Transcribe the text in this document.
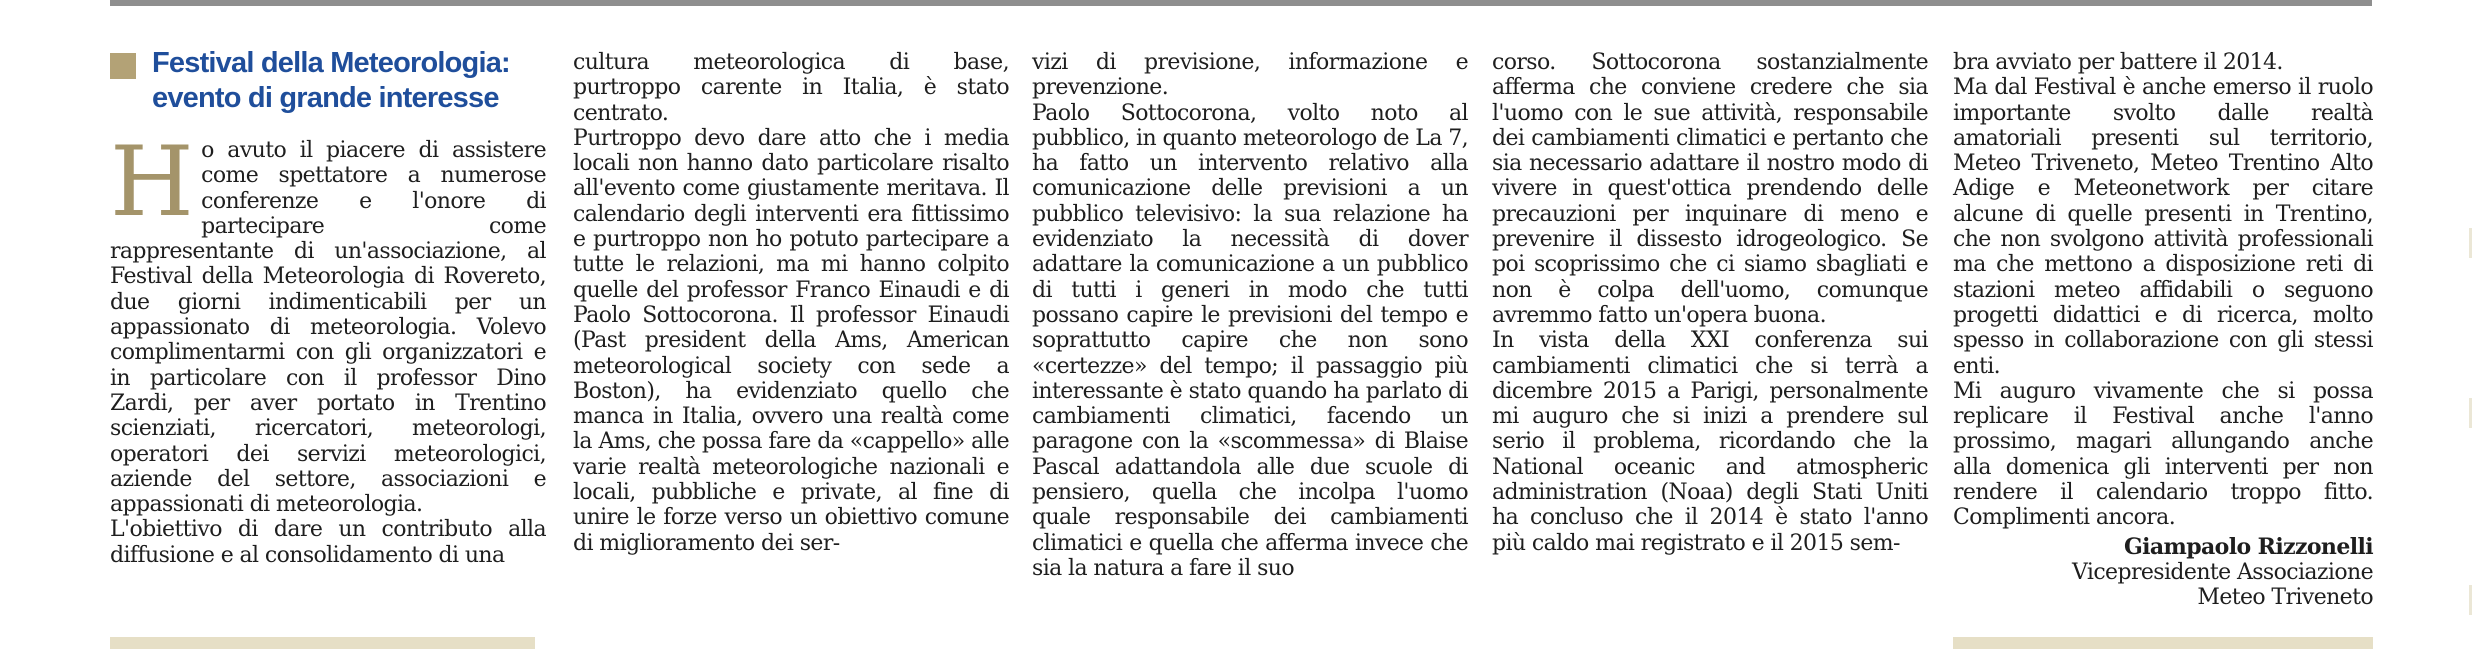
Festival della Meteorologia:
evento di grande interesse

Ho avuto il piacere di assistere come spettatore a numerose conferenze e l'onore di partecipare come rappresentante di un'associazione, al Festival della Meteorologia di Rovereto, due giorni indimenticabili per un appassionato di meteorologia. Volevo complimentarmi con gli organizzatori e in particolare con il professor Dino Zardi, per aver portato in Trentino scienziati, ricercatori, meteorologi, operatori dei servizi meteorologici, aziende del settore, associazioni e appassionati di meteorologia.

L'obiettivo di dare un contributo alla diffusione e al consolidamento di una

cultura meteorologica di base, purtroppo carente in Italia, è stato centrato.

Purtroppo devo dare atto che i media locali non hanno dato particolare risalto all'evento come giustamente meritava. Il calendario degli interventi era fittissimo e purtroppo non ho potuto partecipare a tutte le relazioni, ma mi hanno colpito quelle del professor Franco Einaudi e di Paolo Sottocorona. Il professor Einaudi (Past president della Ams, American meteorological society con sede a Boston), ha evidenziato quello che manca in Italia, ovvero una realtà come la Ams, che possa fare da «cappello» alle varie realtà meteorologiche nazionali e locali, pubbliche e private, al fine di unire le forze verso un obiettivo comune di miglioramento dei ser-

vizi di previsione, informazione e prevenzione.

Paolo Sottocorona, volto noto al pubblico, in quanto meteorologo de La 7, ha fatto un intervento relativo alla comunicazione delle previsioni a un pubblico televisivo: la sua relazione ha evidenziato la necessità di dover adattare la comunicazione a un pubblico di tutti i generi in modo che tutti possano capire le previsioni del tempo e soprattutto capire che non sono «certezze» del tempo; il passaggio più interessante è stato quando ha parlato di cambiamenti climatici, facendo un paragone con la «scommessa» di Blaise Pascal adattandola alle due scuole di pensiero, quella che incolpa l'uomo quale responsabile dei cambiamenti climatici e quella che afferma invece che sia la natura a fare il suo

corso. Sottocorona sostanzialmente afferma che conviene credere che sia l'uomo con le sue attività, responsabile dei cambiamenti climatici e pertanto che sia necessario adattare il nostro modo di vivere in quest'ottica prendendo delle precauzioni per inquinare di meno e prevenire il dissesto idrogeologico. Se poi scoprissimo che ci siamo sbagliati e non è colpa dell'uomo, comunque avremmo fatto un'opera buona.

In vista della XXI conferenza sui cambiamenti climatici che si terrà a dicembre 2015 a Parigi, personalmente mi auguro che si inizi a prendere sul serio il problema, ricordando che la National oceanic and atmospheric administration (Noaa) degli Stati Uniti ha concluso che il 2014 è stato l'anno più caldo mai registrato e il 2015 sem-

bra avviato per battere il 2014.

Ma dal Festival è anche emerso il ruolo importante svolto dalle realtà amatoriali presenti sul territorio, Meteo Triveneto, Meteo Trentino Alto Adige e Meteonetwork per citare alcune di quelle presenti in Trentino, che non svolgono attività professionali ma che mettono a disposizione reti di stazioni meteo affidabili o seguono progetti didattici e di ricerca, molto spesso in collaborazione con gli stessi enti.

Mi auguro vivamente che si possa replicare il Festival anche l'anno prossimo, magari allungando anche alla domenica gli interventi per non rendere il calendario troppo fitto. Complimenti ancora.

Giampaolo Rizzonelli
Vicepresidente Associazione
Meteo Triveneto
